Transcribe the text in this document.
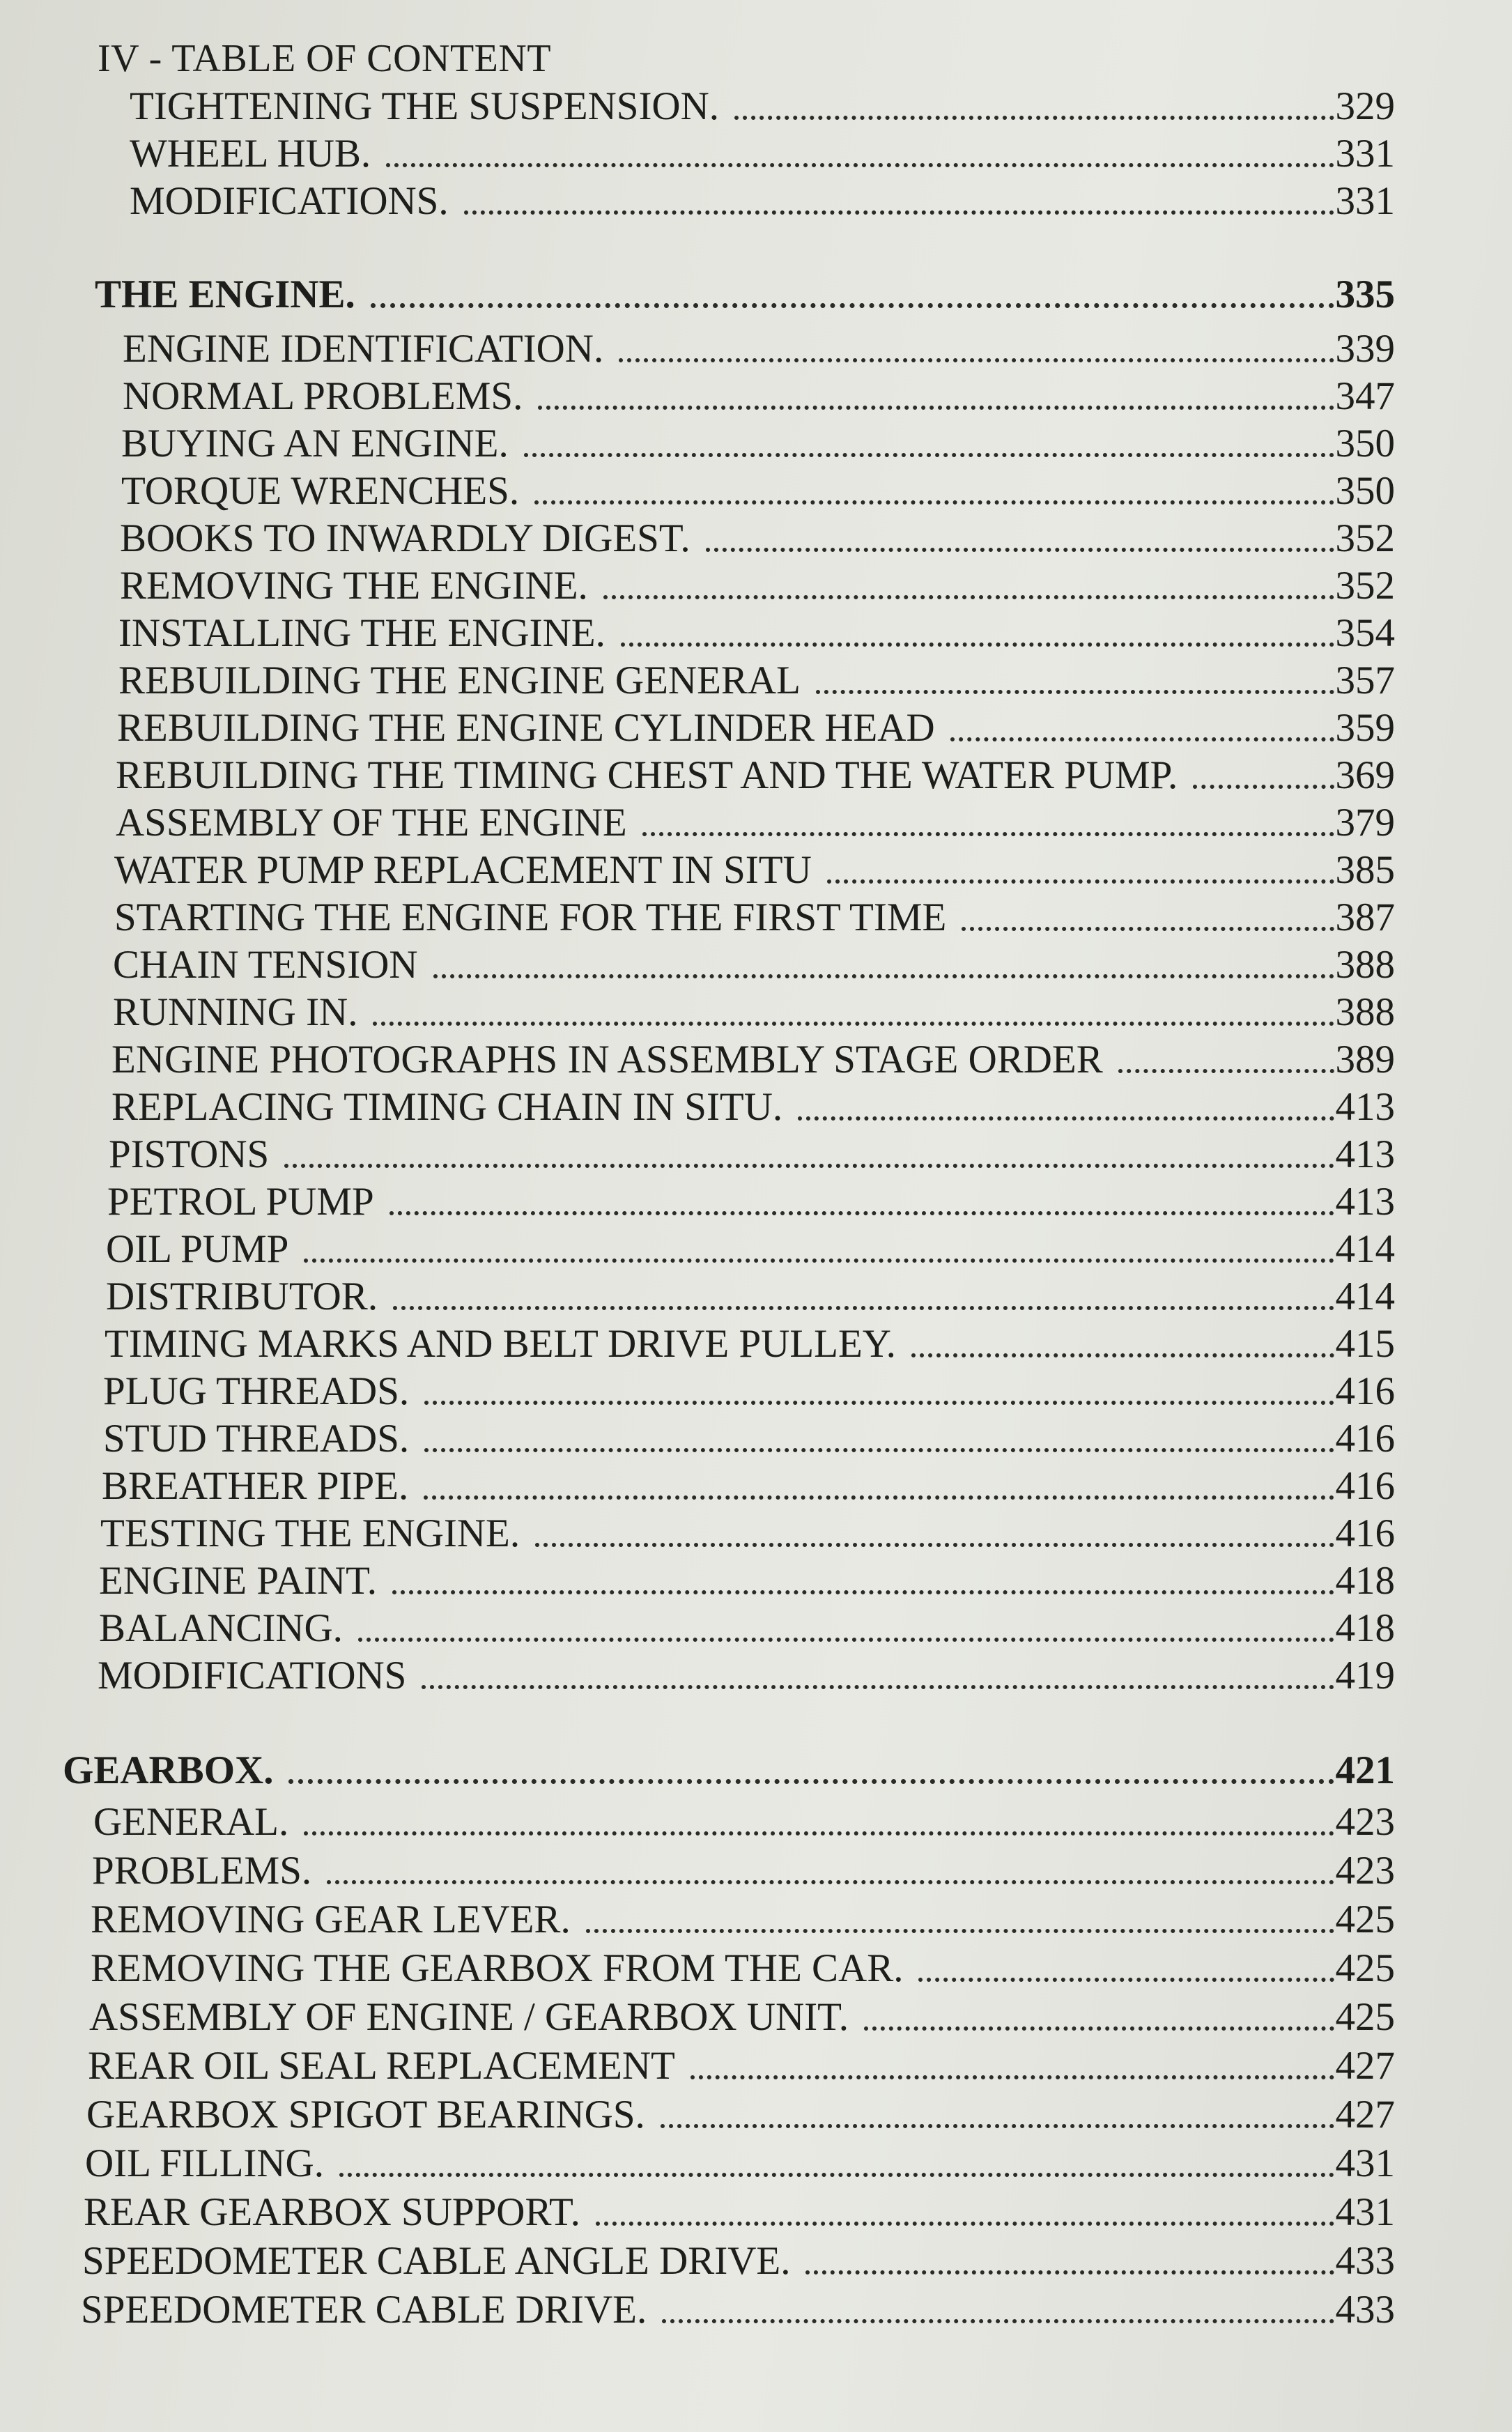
IV - TABLE OF CONTENT
TIGHTENING THE SUSPENSION.	329
WHEEL HUB.	331
MODIFICATIONS.	331
THE ENGINE.	335
ENGINE IDENTIFICATION.	339
NORMAL PROBLEMS.	347
BUYING AN ENGINE.	350
TORQUE WRENCHES.	350
BOOKS TO INWARDLY DIGEST.	352
REMOVING THE ENGINE.	352
INSTALLING THE ENGINE.	354
REBUILDING THE ENGINE GENERAL	357
REBUILDING THE ENGINE CYLINDER HEAD	359
REBUILDING THE TIMING CHEST AND THE WATER PUMP.	369
ASSEMBLY OF THE ENGINE	379
WATER PUMP REPLACEMENT IN SITU	385
STARTING THE ENGINE FOR THE FIRST TIME	387
CHAIN TENSION	388
RUNNING IN.	388
ENGINE PHOTOGRAPHS IN ASSEMBLY STAGE ORDER	389
REPLACING TIMING CHAIN IN SITU.	413
PISTONS	413
PETROL PUMP	413
OIL PUMP	414
DISTRIBUTOR.	414
TIMING MARKS AND BELT DRIVE PULLEY.	415
PLUG THREADS.	416
STUD THREADS.	416
BREATHER PIPE.	416
TESTING THE ENGINE.	416
ENGINE PAINT.	418
BALANCING.	418
MODIFICATIONS	419
GEARBOX.	421
GENERAL.	423
PROBLEMS.	423
REMOVING GEAR LEVER.	425
REMOVING THE GEARBOX FROM THE CAR.	425
ASSEMBLY OF ENGINE / GEARBOX UNIT.	425
REAR OIL SEAL REPLACEMENT	427
GEARBOX SPIGOT BEARINGS.	427
OIL FILLING.	431
REAR GEARBOX SUPPORT.	431
SPEEDOMETER CABLE ANGLE DRIVE.	433
SPEEDOMETER CABLE DRIVE.	433
